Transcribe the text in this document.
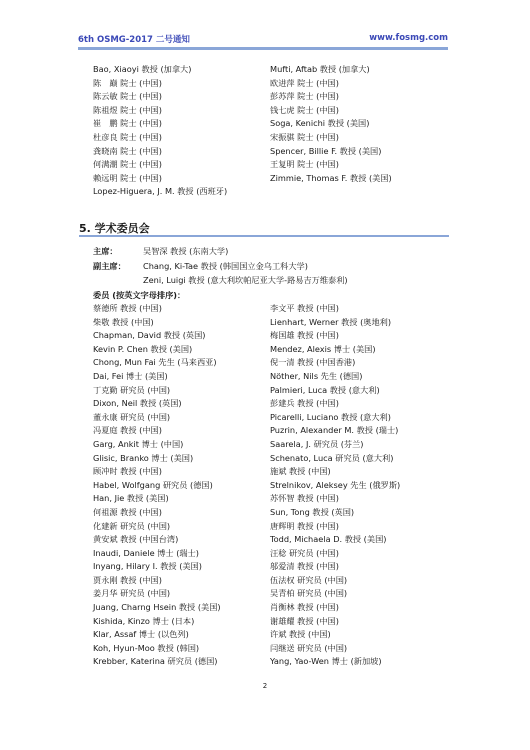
6th OSMG-2017 二号通知	www.fosmg.com
Bao, Xiaoyi 教授 (加拿大)
陈　巅 院士 (中国)
陈云敏 院士 (中国)
陈祖煜 院士 (中国)
崔　鹏 院士 (中国)
杜彦良 院士 (中国)
龚晓南 院士 (中国)
何满潮 院士 (中国)
赖远明 院士 (中国)
Lopez-Higuera, J. M. 教授 (西班牙)
Mufti, Aftab 教授 (加拿大)
欧进萍 院士 (中国)
彭苏萍 院士 (中国)
钱七虎 院士 (中国)
Soga, Kenichi 教授 (美国)
宋振骐 院士 (中国)
Spencer, Billie F. 教授 (美国)
王复明 院士 (中国)
Zimmie, Thomas F. 教授 (美国)
5. 学术委员会
主席：	吴智深 教授 (东南大学)
副主席： Chang, Ki-Tae 教授 (韩国国立金乌工科大学)
Zeni, Luigi 教授 (意大利坎帕尼亚大学-路易吉万维泰利)
委员 (按英文字母排序)：
蔡德所 教授 (中国)
柴敬 教授 (中国)
Chapman, David 教授 (英国)
Kevin P. Chen 教授 (美国)
Chong, Mun Fai 先生 (马来西亚)
Dai, Fei 博士 (美国)
丁克勤 研究员 (中国)
Dixon, Neil 教授 (英国)
董永康 研究员 (中国)
冯夏庭 教授 (中国)
Garg, Ankit 博士 (中国)
Glisic, Branko 博士 (美国)
顾冲时 教授 (中国)
Habel, Wolfgang 研究员 (德国)
Han, Jie 教授 (美国)
何祖源 教授 (中国)
化建新 研究员 (中国)
黄安斌 教授 (中国台湾)
Inaudi, Daniele 博士 (瑞士)
Inyang, Hilary I. 教授 (美国)
贾永刚 教授 (中国)
姜月华 研究员 (中国)
Juang, Charng Hsein 教授 (美国)
Kishida, Kinzo 博士 (日本)
Klar, Assaf 博士 (以色列)
Koh, Hyun-Moo 教授 (韩国)
Krebber, Katerina 研究员 (德国)
李文平 教授 (中国)
Lienhart, Werner 教授 (奥地利)
梅国雄 教授 (中国)
Mendez, Alexis 博士 (美国)
倪一清 教授 (中国香港)
Nöther, Nils 先生 (德国)
Palmieri, Luca 教授 (意大利)
彭建兵 教授 (中国)
Picarelli, Luciano 教授 (意大利)
Puzrin, Alexander M. 教授 (瑞士)
Saarela, J. 研究员 (芬兰)
Schenato, Luca 研究员 (意大利)
施斌 教授 (中国)
Strelnikov, Aleksey 先生 (俄罗斯)
苏怀智 教授 (中国)
Sun, Tong 教授 (英国)
唐辉明 教授 (中国)
Todd, Michaela D. 教授 (美国)
汪稔 研究员 (中国)
邬爱清 教授 (中国)
伍法权 研究员 (中国)
吴青柏 研究员 (中国)
肖衡林 教授 (中国)
谢雄耀 教授 (中国)
许斌 教授 (中国)
闫继送 研究员 (中国)
Yang, Yao-Wen 博士 (新加坡)
2
